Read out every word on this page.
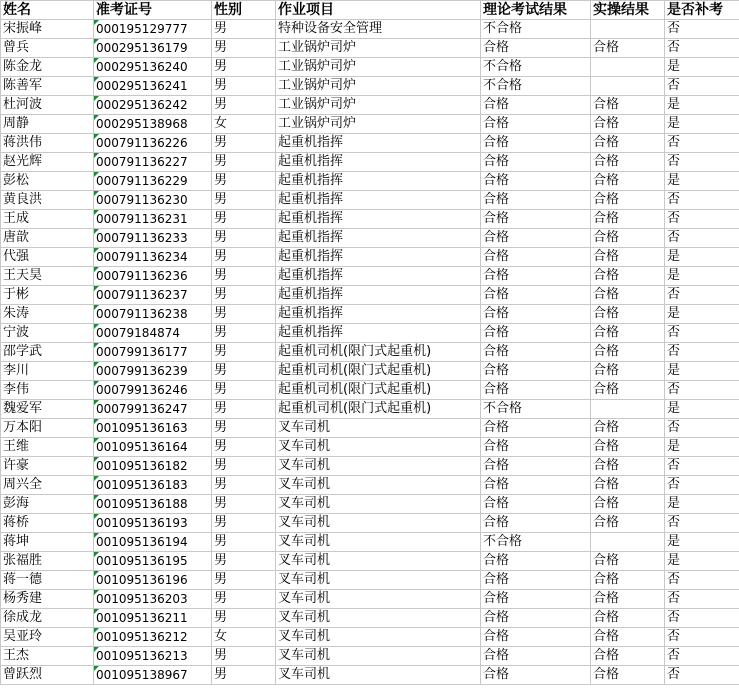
姓名	准考证号	性别	作业项目	理论考试结果	实操结果	是否补考
宋振峰	000195129777	男	特种设备安全管理	不合格		否
曾兵	000295136179	男	工业锅炉司炉	合格	合格	否
陈金龙	000295136240	男	工业锅炉司炉	不合格		是
陈善军	000295136241	男	工业锅炉司炉	不合格		否
杜河波	000295136242	男	工业锅炉司炉	合格	合格	是
周静	000295138968	女	工业锅炉司炉	合格	合格	是
蒋洪伟	000791136226	男	起重机指挥	合格	合格	否
赵光辉	000791136227	男	起重机指挥	合格	合格	否
彭松	000791136229	男	起重机指挥	合格	合格	是
黄良洪	000791136230	男	起重机指挥	合格	合格	否
王成	000791136231	男	起重机指挥	合格	合格	否
唐歆	000791136233	男	起重机指挥	合格	合格	否
代强	000791136234	男	起重机指挥	合格	合格	是
王天昊	000791136236	男	起重机指挥	合格	合格	是
于彬	000791136237	男	起重机指挥	合格	合格	否
朱涛	000791136238	男	起重机指挥	合格	合格	是
宁波	00079184874	男	起重机指挥	合格	合格	否
邵学武	000799136177	男	起重机司机(限门式起重机)	合格	合格	否
李川	000799136239	男	起重机司机(限门式起重机)	合格	合格	是
李伟	000799136246	男	起重机司机(限门式起重机)	合格	合格	否
魏爱军	000799136247	男	起重机司机(限门式起重机)	不合格		是
万本阳	001095136163	男	叉车司机	合格	合格	否
王维	001095136164	男	叉车司机	合格	合格	是
许豪	001095136182	男	叉车司机	合格	合格	否
周兴全	001095136183	男	叉车司机	合格	合格	否
彭海	001095136188	男	叉车司机	合格	合格	是
蒋桥	001095136193	男	叉车司机	合格	合格	否
蒋坤	001095136194	男	叉车司机	不合格		是
张福胜	001095136195	男	叉车司机	合格	合格	是
蒋一德	001095136196	男	叉车司机	合格	合格	否
杨秀建	001095136203	男	叉车司机	合格	合格	否
徐成龙	001095136211	男	叉车司机	合格	合格	否
吴亚玲	001095136212	女	叉车司机	合格	合格	否
王杰	001095136213	男	叉车司机	合格	合格	否
曾跃烈	001095138967	男	叉车司机	合格	合格	否
